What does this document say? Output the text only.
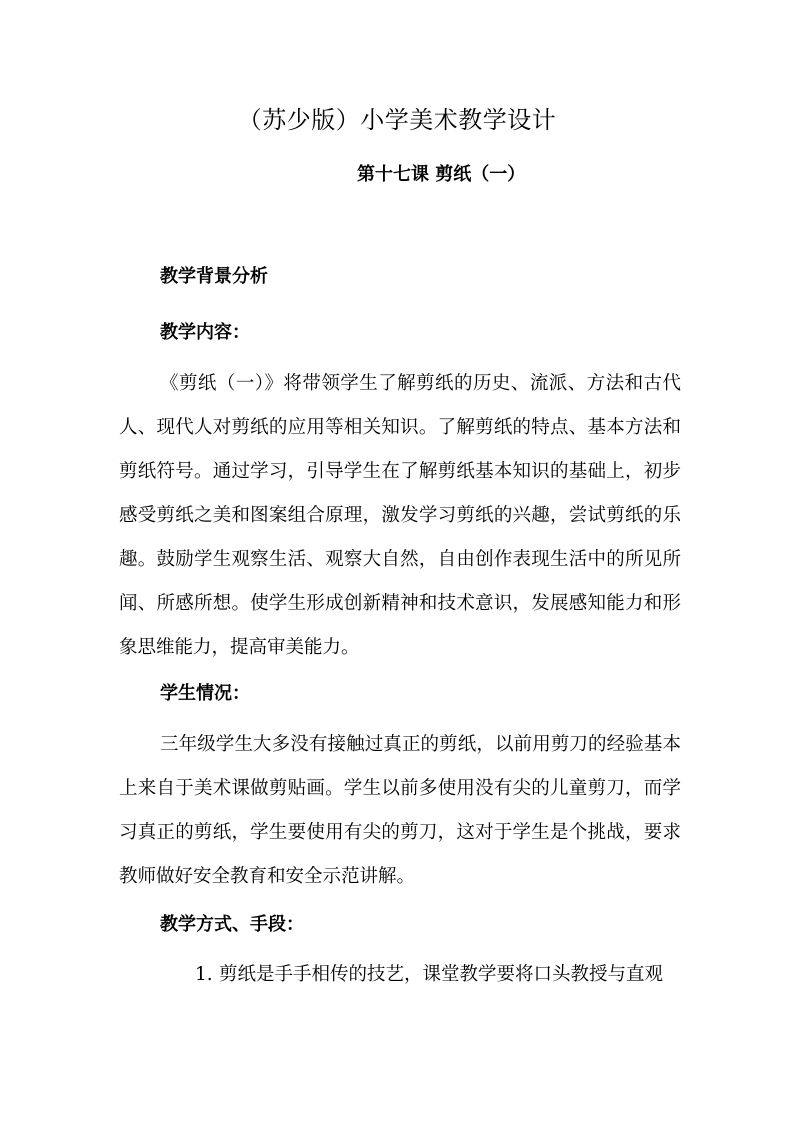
（苏少版）小学美术教学设计
第十七课 剪纸（一）
教学背景分析
教学内容：

《剪纸（一）》将带领学生了解剪纸的历史、流派、方法和古代人、现代人对剪纸的应用等相关知识。了解剪纸的特点、基本方法和剪纸符号。通过学习，引导学生在了解剪纸基本知识的基础上，初步感受剪纸之美和图案组合原理，激发学习剪纸的兴趣，尝试剪纸的乐趣。鼓励学生观察生活、观察大自然，自由创作表现生活中的所见所闻、所感所想。使学生形成创新精神和技术意识，发展感知能力和形象思维能力，提高审美能力。

学生情况：

三年级学生大多没有接触过真正的剪纸，以前用剪刀的经验基本上来自于美术课做剪贴画。学生以前多使用没有尖的儿童剪刀，而学习真正的剪纸，学生要使用有尖的剪刀，这对于学生是个挑战，要求教师做好安全教育和安全示范讲解。

教学方式、手段：

1. 剪纸是手手相传的技艺，课堂教学要将口头教授与直观
